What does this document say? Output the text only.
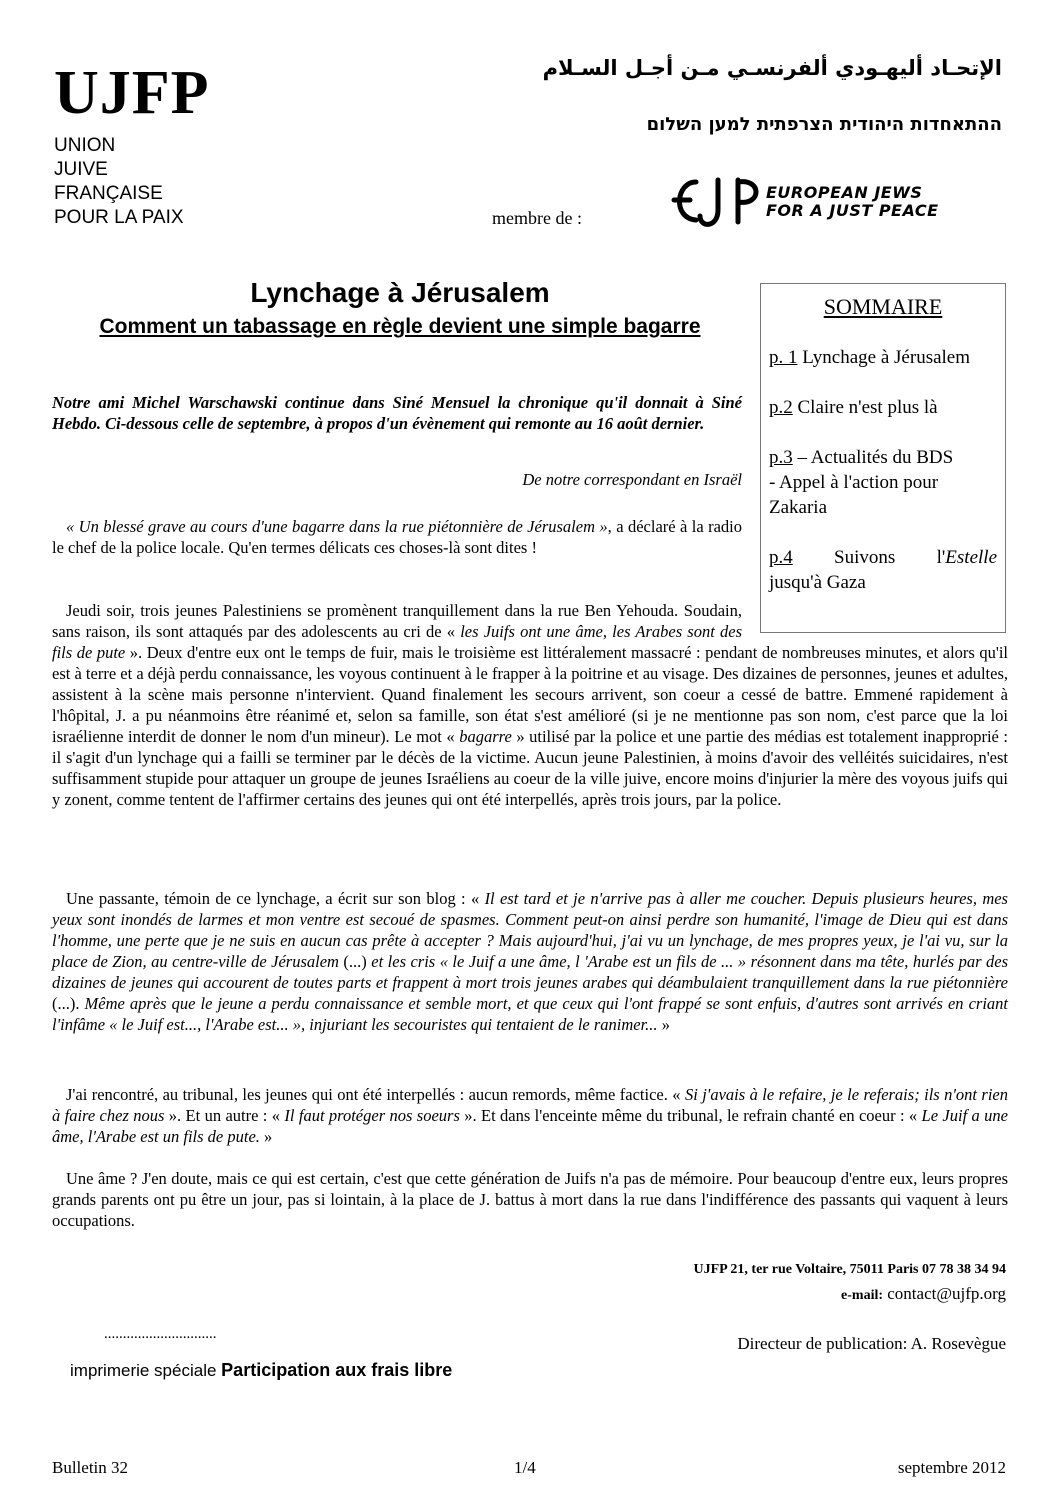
UJFP
UNION
JUIVE
FRANÇAISE
POUR LA PAIX
الإتحـاد أليهـودي ألفرنسـي مـن أجـل السـلام
ההתאחדות היהודית הצרפתית למען השלום
membre de :
EUROPEAN JEWS
FOR A JUST PEACE
Lynchage à Jérusalem
Comment un tabassage en règle devient une simple bagarre
SOMMAIRE
p. 1 Lynchage à Jérusalem
p.2 Claire n'est plus là
p.3 – Actualités du BDS
- Appel à l'action pour Zakaria
p.4 Suivons l'Estelle
jusqu'à Gaza
Notre ami Michel Warschawski continue dans Siné Mensuel la chronique qu'il donnait à Siné Hebdo. Ci-dessous celle de septembre, à propos d'un évènement qui remonte au 16 août dernier.
De notre correspondant en Israël
« Un blessé grave au cours d'une bagarre dans la rue piétonnière de Jérusalem », a déclaré à la radio le chef de la police locale. Qu'en termes délicats ces choses-là sont dites !
Jeudi soir, trois jeunes Palestiniens se promènent tranquillement dans la rue Ben Yehouda. Soudain, sans raison, ils sont attaqués par des adolescents au cri de « les Juifs ont une âme, les Arabes sont des fils de pute ». Deux d'entre eux ont le temps de fuir, mais le troisième est littéralement massacré : pendant de nombreuses minutes, et alors qu'il est à terre et a déjà perdu connaissance, les voyous continuent à le frapper à la poitrine et au visage. Des dizaines de personnes, jeunes et adultes, assistent à la scène mais personne n'intervient. Quand finalement les secours arrivent, son coeur a cessé de battre. Emmené rapidement à l'hôpital, J. a pu néanmoins être réanimé et, selon sa famille, son état s'est amélioré (si je ne mentionne pas son nom, c'est parce que la loi israélienne interdit de donner le nom d'un mineur). Le mot « bagarre » utilisé par la police et une partie des médias est totalement inapproprié : il s'agit d'un lynchage qui a failli se terminer par le décès de la victime. Aucun jeune Palestinien, à moins d'avoir des velléités suicidaires, n'est suffisamment stupide pour attaquer un groupe de jeunes Israéliens au coeur de la ville juive, encore moins d'injurier la mère des voyous juifs qui y zonent, comme tentent de l'affirmer certains des jeunes qui ont été interpellés, après trois jours, par la police.
Une passante, témoin de ce lynchage, a écrit sur son blog : « Il est tard et je n'arrive pas à aller me coucher. Depuis plusieurs heures, mes yeux sont inondés de larmes et mon ventre est secoué de spasmes. Comment peut-on ainsi perdre son humanité, l'image de Dieu qui est dans l'homme, une perte que je ne suis en aucun cas prête à accepter ? Mais aujourd'hui, j'ai vu un lynchage, de mes propres yeux, je l'ai vu, sur la place de Zion, au centre-ville de Jérusalem (...) et les cris « le Juif a une âme, l 'Arabe est un fils de ... » résonnent dans ma tête, hurlés par des dizaines de jeunes qui accourent de toutes parts et frappent à mort trois jeunes arabes qui déambulaient tranquillement dans la rue piétonnière (...). Même après que le jeune a perdu connaissance et semble mort, et que ceux qui l'ont frappé se sont enfuis, d'autres sont arrivés en criant l'infâme « le Juif est..., l'Arabe est... », injuriant les secouristes qui tentaient de le ranimer... »
J'ai rencontré, au tribunal, les jeunes qui ont été interpellés : aucun remords, même factice. « Si j'avais à le refaire, je le referais; ils n'ont rien à faire chez nous ». Et un autre : « Il faut protéger nos soeurs ». Et dans l'enceinte même du tribunal, le refrain chanté en coeur : « Le Juif a une âme, l'Arabe est un fils de pute. »
Une âme ? J'en doute, mais ce qui est certain, c'est que cette génération de Juifs n'a pas de mémoire. Pour beaucoup d'entre eux, leurs propres grands parents ont pu être un jour, pas si lointain, à la place de J. battus à mort dans la rue dans l'indifférence des passants qui vaquent à leurs occupations.
UJFP 21, ter rue Voltaire, 75011 Paris 07 78 38 34 94
e-mail: contact@ujfp.org
..............................
imprimerie spéciale Participation aux frais libre
Directeur de publication: A. Rosevègue
Bulletin 32	1/4	septembre 2012
